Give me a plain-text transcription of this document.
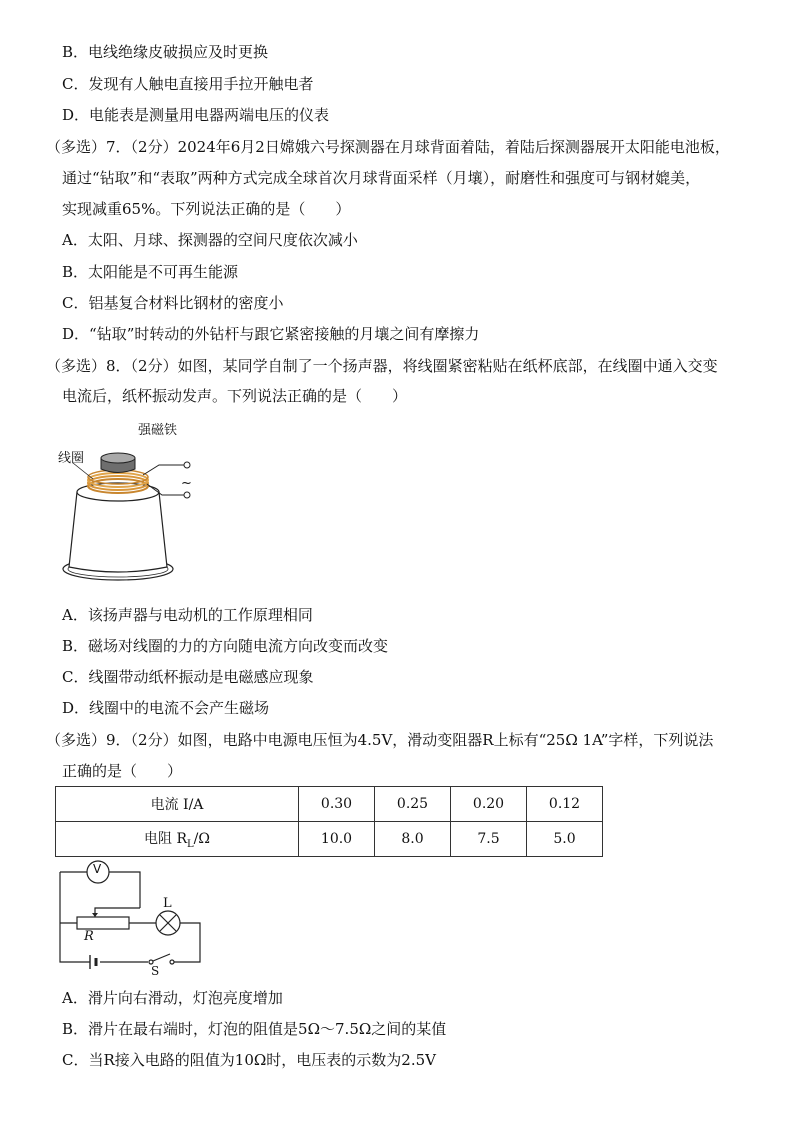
B．电线绝缘皮破损应及时更换
C．发现有人触电直接用手拉开触电者
D．电能表是测量用电器两端电压的仪表
（多选）7．（2分）2024年6月2日嫦娥六号探测器在月球背面着陆，着陆后探测器展开太阳能电池板，
通过“钻取”和“表取”两种方式完成全球首次月球背面采样（月壤），耐磨性和强度可与钢材媲美，
实现减重65%。下列说法正确的是（　　）
A．太阳、月球、探测器的空间尺度依次减小
B．太阳能是不可再生能源
C．铝基复合材料比钢材的密度小
D．“钻取”时转动的外钻杆与跟它紧密接触的月壤之间有摩擦力
（多选）8．（2分）如图，某同学自制了一个扬声器，将线圈紧密粘贴在纸杯底部，在线圈中通入交变
电流后，纸杯振动发声。下列说法正确的是（　　）
强磁铁
线圈
~
A．该扬声器与电动机的工作原理相同
B．磁场对线圈的力的方向随电流方向改变而改变
C．线圈带动纸杯振动是电磁感应现象
D．线圈中的电流不会产生磁场
（多选）9．（2分）如图，电路中电源电压恒为4.5V，滑动变阻器R上标有“25Ω 1A”字样，下列说法
正确的是（　　）
电流 I/A	0.30	0.25	0.20	0.12
电阻 $R_L/\Omega$	10.0	8.0	7.5	5.0
V
L
R
S
A．滑片向右滑动，灯泡亮度增加
B．滑片在最右端时，灯泡的阻值是5Ω～7.5Ω之间的某值
C．当R接入电路的阻值为10Ω时，电压表的示数为2.5V
